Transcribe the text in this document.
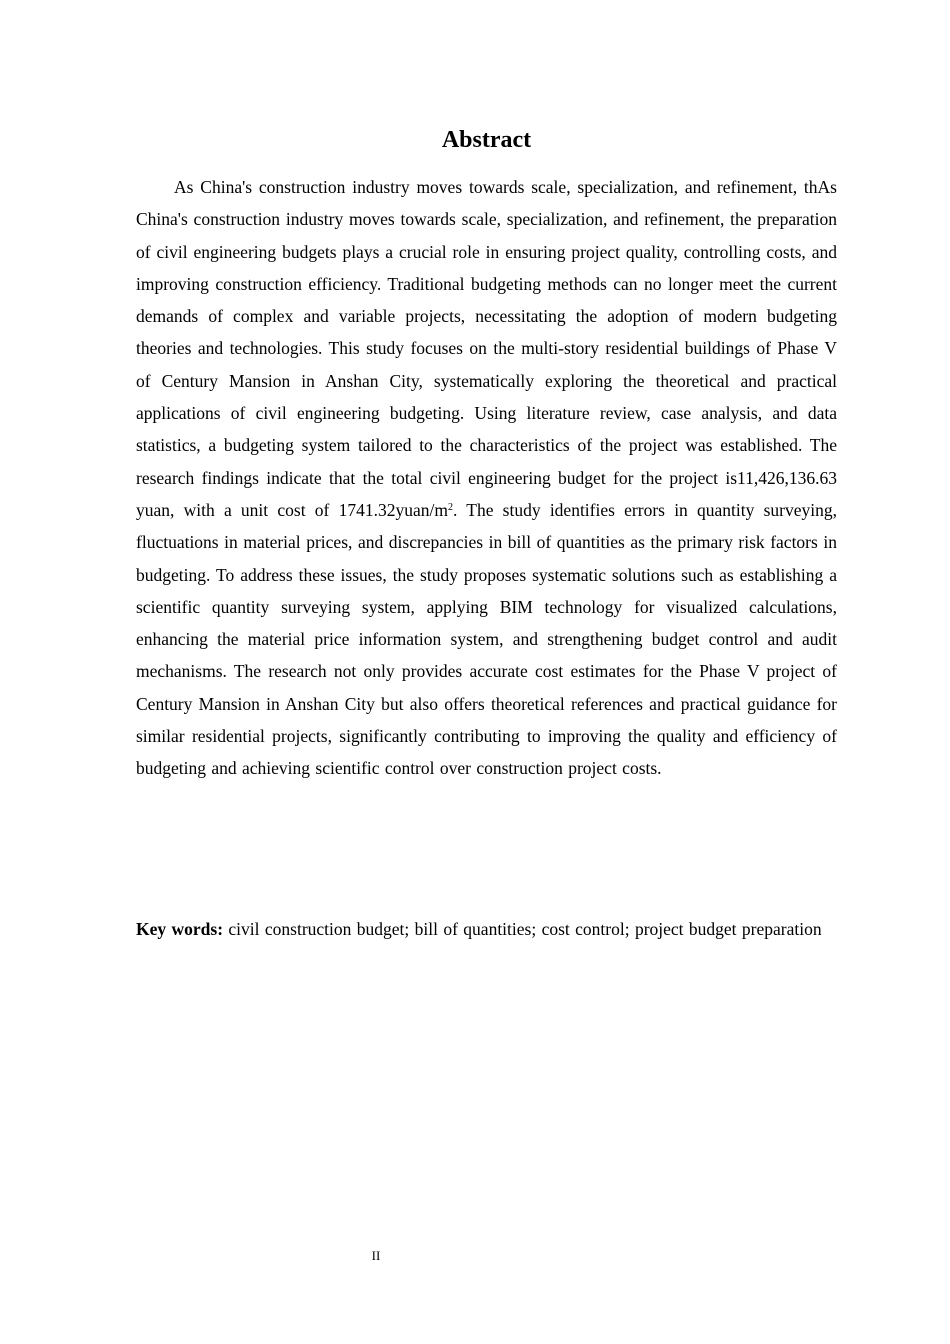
Abstract

As China's construction industry moves towards scale, specialization, and refinement, thAs China's construction industry moves towards scale, specialization, and refinement, the preparation of civil engineering budgets plays a crucial role in ensuring project quality, controlling costs, and improving construction efficiency. Traditional budgeting methods can no longer meet the current demands of complex and variable projects, necessitating the adoption of modern budgeting theories and technologies. This study focuses on the multi-story residential buildings of Phase V of Century Mansion in Anshan City, systematically exploring the theoretical and practical applications of civil engineering budgeting. Using literature review, case analysis, and data statistics, a budgeting system tailored to the characteristics of the project was established. The research findings indicate that the total civil engineering budget for the project is11,426,136.63 yuan, with a unit cost of $1741.32yuan/m^2$. The study identifies errors in quantity surveying, fluctuations in material prices, and discrepancies in bill of quantities as the primary risk factors in budgeting. To address these issues, the study proposes systematic solutions such as establishing a scientific quantity surveying system, applying BIM technology for visualized calculations, enhancing the material price information system, and strengthening budget control and audit mechanisms. The research not only provides accurate cost estimates for the Phase V project of Century Mansion in Anshan City but also offers theoretical references and practical guidance for similar residential projects, significantly contributing to improving the quality and efficiency of budgeting and achieving scientific control over construction project costs.

Key words: civil construction budget; bill of quantities; cost control; project budget preparation

II
